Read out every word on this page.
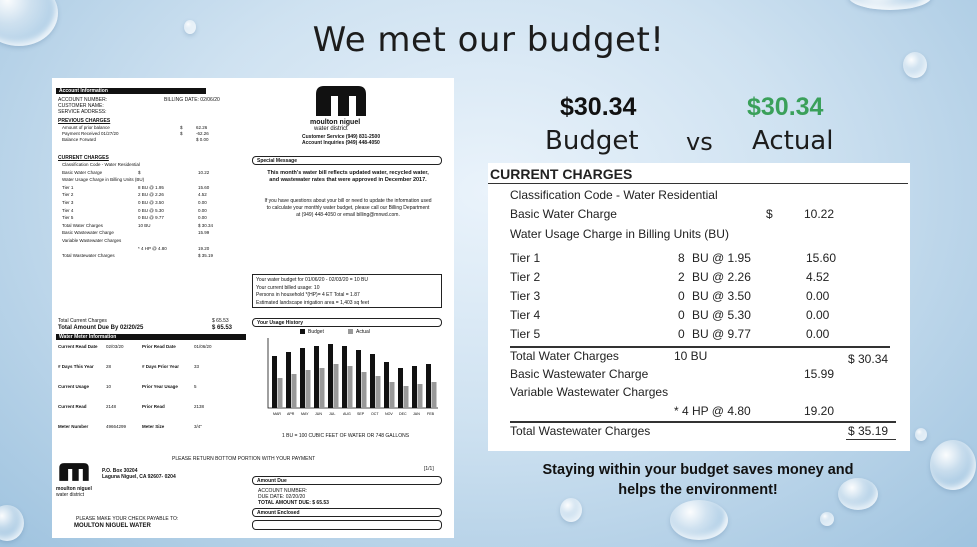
We met our budget!
Account Information
ACCOUNT NUMBER:	BILLING DATE: 02/06/20
CUSTOMER NAME:
SERVICE ADDRESS:
PREVIOUS CHARGES
Amount of prior balance	$	62.26
Payment Received 01/27/20	$	-62.26
Balance Forward	$ 0.00
CURRENT CHARGES
Classification Code - Water Residential
Basic Water Charge	$	10.22
Water Usage Charge in Billing Units (BU)
Tier 1	8 BU @ 1.95	15.60
Tier 2	2 BU @ 2.26	4.52
Tier 3	0 BU @ 3.50	0.00
Tier 4	0 BU @ 5.30	0.00
Tier 5	0 BU @ 9.77	0.00
Total Water Charges	10 BU	$ 30.34
Basic Wastewater Charge	15.99
Variable Wastewater Charges
* 4 HP @ 4.80	19.20
Total Wastewater Charges	$ 35.19
moulton niguel
water district
Customer Service (949) 831-2500
Account Inquiries (949) 448-4050
Special Message
This month's water bill reflects updated water, recycled water, and wastewater rates that were approved in December 2017.
If you have questions about your bill or need to update the information used to calculate your monthly water budget, please call our Billing Department at (949) 448-4050 or email billing@mnwd.com.
Your water budget for 01/06/20 - 02/03/20 = 10 BU
Your current billed usage: 10
Persons in household *(HP)= 4 ET Total = 1.87
Estimated landscape irrigation area = 1,403 sq feet
Total Current Charges	$ 65.53
Total Amount Due By 02/20/25	$ 65.53
Your Usage History
Budget	Actual
MAR APR MAY JUN JUL AUG SEP OCT NOV DEC JAN FEB
1 BU = 100 CUBIC FEET OF WATER OR 748 GALLONS
Water Meter Information
Current Read Date 02/03/20	Prior Read Date	01/06/20
# Days This Year	28	# Days Prior Year	33
Current Usage	10	Prior Year Usage	5
Current Read	2148	Prior Read	2138
Meter Number	49664299	Meter Size	3/4"
PLEASE RETURN BOTTOM PORTION WITH YOUR PAYMENT
moulton niguel
water district
P.O. Box 30204
Laguna Niguel, CA 92607- 0204
[1/1]
Amount Due
ACCOUNT NUMBER:
DUE DATE: 02/20/20
TOTAL AMOUNT DUE: $ 65.53
Amount Enclosed
PLEASE MAKE YOUR CHECK PAYABLE TO:
MOULTON NIGUEL WATER
$30.34	$30.34
Budget vs Actual
CURRENT CHARGES
Classification Code - Water Residential
Basic Water Charge	$	10.22
Water Usage Charge in Billing Units (BU)
Tier 1	8 BU @ 1.95	15.60
Tier 2	2 BU @ 2.26	4.52
Tier 3	0 BU @ 3.50	0.00
Tier 4	0 BU @ 5.30	0.00
Tier 5	0 BU @ 9.77	0.00
Total Water Charges	10 BU	$ 30.34
Basic Wastewater Charge	15.99
Variable Wastewater Charges
* 4 HP @ 4.80	19.20
Total Wastewater Charges	$ 35.19
Staying within your budget saves money and
helps the environment!
